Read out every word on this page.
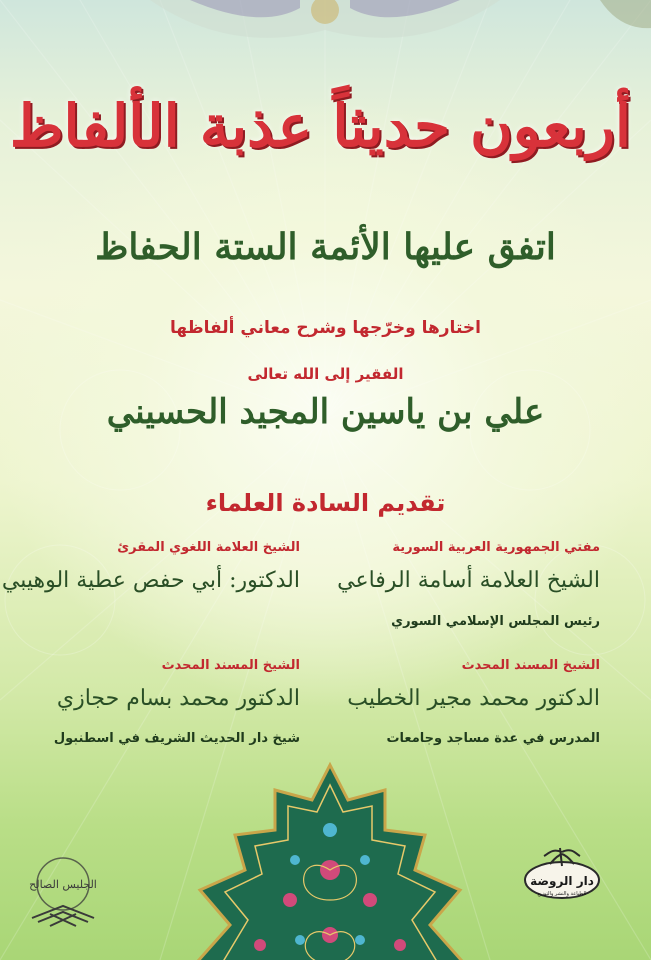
أربعون حديثاً عذبة الألفاظ
اتفق عليها الأئمة الستة الحفاظ
اختارها وخرّجها وشرح معاني ألفاظها
الفقير إلى الله تعالى
علي بن ياسين المجيد الحسيني
تقديم السادة العلماء
مفتي الجمهورية العربية السورية
الشيخ العلامة أسامة الرفاعي
رئيس المجلس الإسلامي السوري
الشيخ العلامة اللغوي المقرئ
الدكتور: أبي حفص عطية الوهيبي
الشيخ المسند المحدث
الدكتور محمد مجير الخطيب
المدرس في عدة مساجد وجامعات
الشيخ المسند المحدث
الدكتور محمد بسام حجازي
شيخ دار الحديث الشريف في اسطنبول
دار الروضة
للطباعة والنشر والتوزيع
الجليس الصالح
